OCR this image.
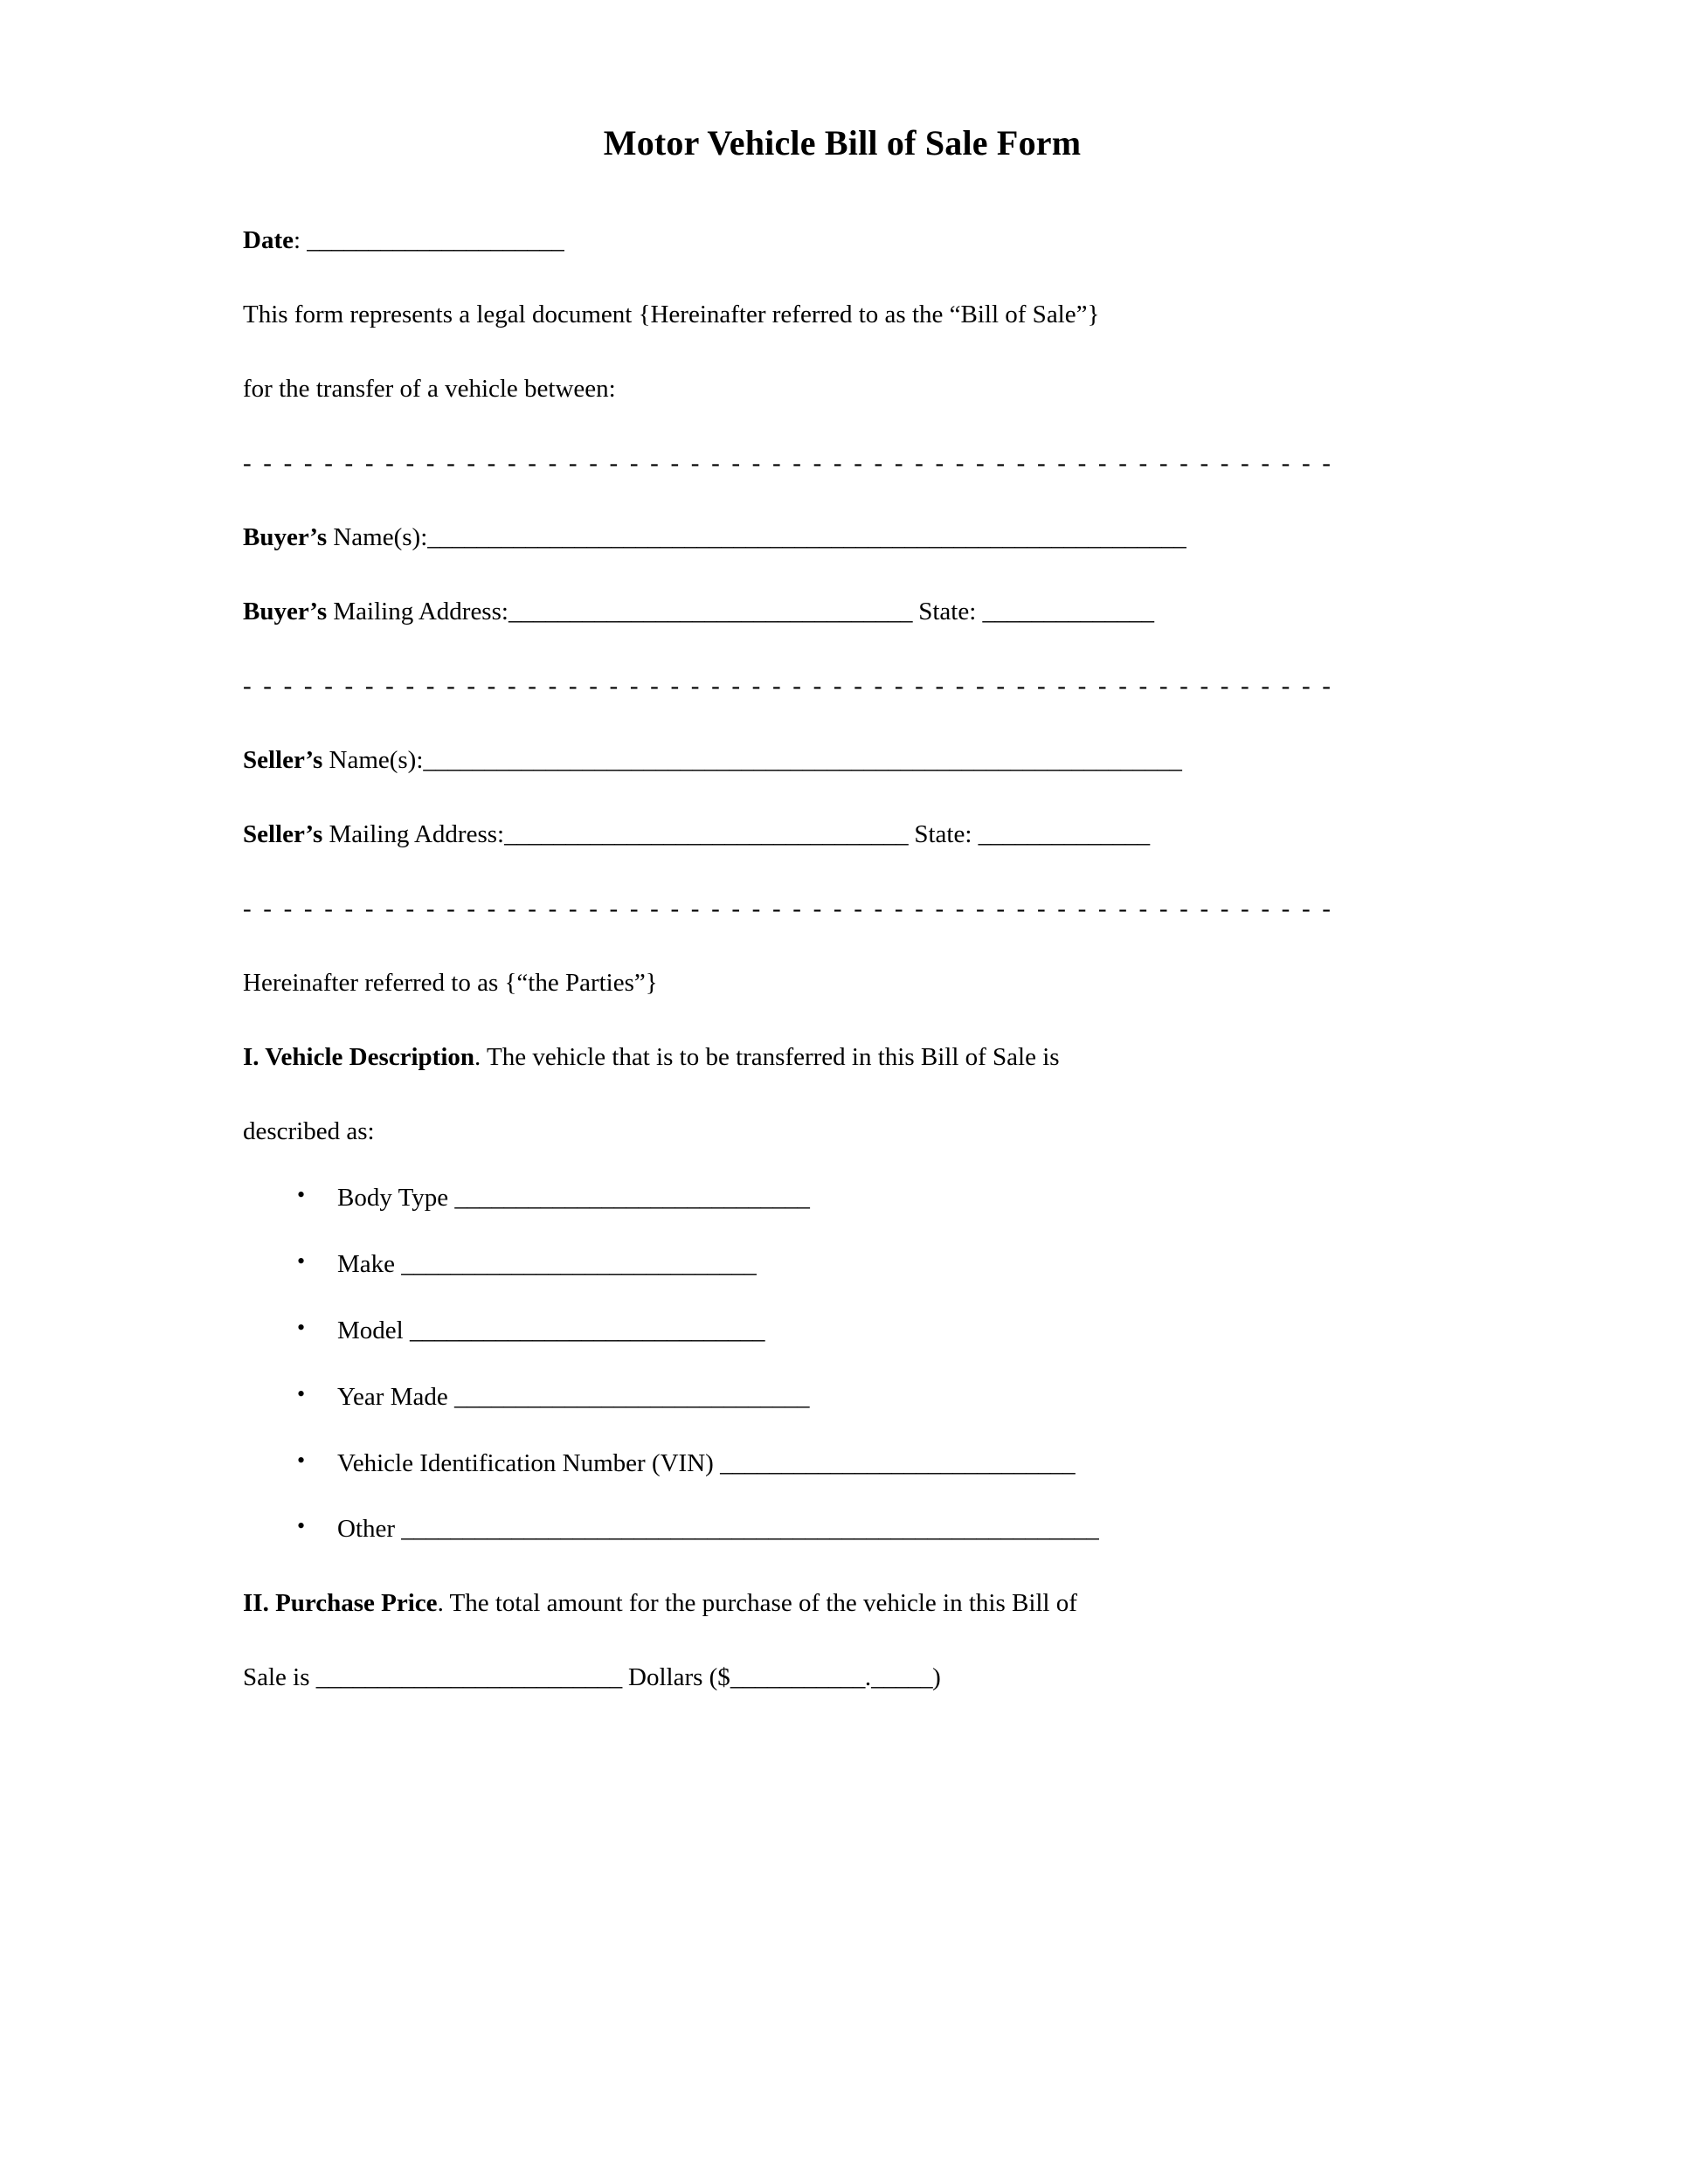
Motor Vehicle Bill of Sale Form
Date: _____________________
This form represents a legal document {Hereinafter referred to as the “Bill of Sale”}
for the transfer of a vehicle between:
- - - - - - - - - - - - - - - - - - - - - - - - - - - - - - - - - - - - - - - - - - - - - - - - - - - - - -
Buyer’s Name(s):______________________________________________________________
Buyer’s Mailing Address:_________________________________ State: ______________
- - - - - - - - - - - - - - - - - - - - - - - - - - - - - - - - - - - - - - - - - - - - - - - - - - - - - -
Seller’s Name(s):______________________________________________________________
Seller’s Mailing Address:_________________________________ State: ______________
- - - - - - - - - - - - - - - - - - - - - - - - - - - - - - - - - - - - - - - - - - - - - - - - - - - - - -
Hereinafter referred to as {“the Parties”}
I. Vehicle Description. The vehicle that is to be transferred in this Bill of Sale is
described as:
• Body Type _____________________________
• Make _____________________________
• Model _____________________________
• Year Made _____________________________
• Vehicle Identification Number (VIN) _____________________________
• Other _________________________________________________________
II. Purchase Price. The total amount for the purchase of the vehicle in this Bill of
Sale is _________________________ Dollars ($___________._____)
